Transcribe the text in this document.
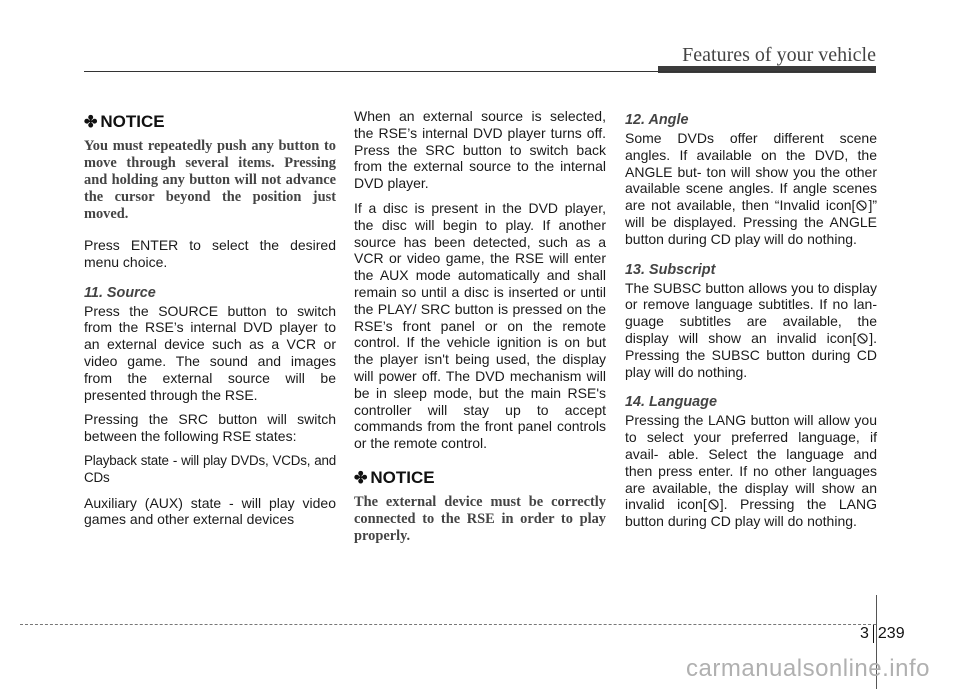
Features of your vehicle
✤ NOTICE
You must repeatedly push any button to move through several items. Pressing and holding any button will not advance the cursor beyond the position just moved.

Press ENTER to select the desired menu choice.

11. Source

Press the SOURCE button to switch from the RSE’s internal DVD player to an external device such as a VCR or video game. The sound and images from the external source will be presented through the RSE.

Pressing the SRC button will switch between the following RSE states:

Playback state - will play DVDs, VCDs, and CDs

Auxiliary (AUX) state - will play video games and other external devices

When an external source is selected, the RSE’s internal DVD player turns off. Press the SRC button to switch back from the external source to the internal DVD player.

If a disc is present in the DVD player, the disc will begin to play. If another source has been detected, such as a VCR or video game, the RSE will enter the AUX mode automatically and shall remain so until a disc is inserted or until the PLAY/ SRC button is pressed on the RSE’s front panel or on the remote control. If the vehicle ignition is on but the player isn't being used, the display will power off. The DVD mechanism will be in sleep mode, but the main RSE's controller will stay up to accept commands from the front panel controls or the remote control.

✤ NOTICE
The external device must be correctly connected to the RSE in order to play properly.
12. Angle

Some DVDs offer different scene angles. If available on the DVD, the ANGLE but- ton will show you the other available scene angles. If angle scenes are not available, then “Invalid icon[ ]” will be displayed. Pressing the ANGLE button during CD play will do nothing.

13. Subscript

The SUBSC button allows you to display or remove language subtitles. If no lan- guage subtitles are available, the display will show an invalid icon[ ]. Pressing the SUBSC button during CD play will do nothing.

14. Language

Pressing the LANG button will allow you to select your preferred language, if avail- able. Select the language and then press enter. If no other languages are available, the display will show an invalid icon[ ]. Pressing the LANG button during CD play will do nothing.

3 239
carmanualsonline.info
